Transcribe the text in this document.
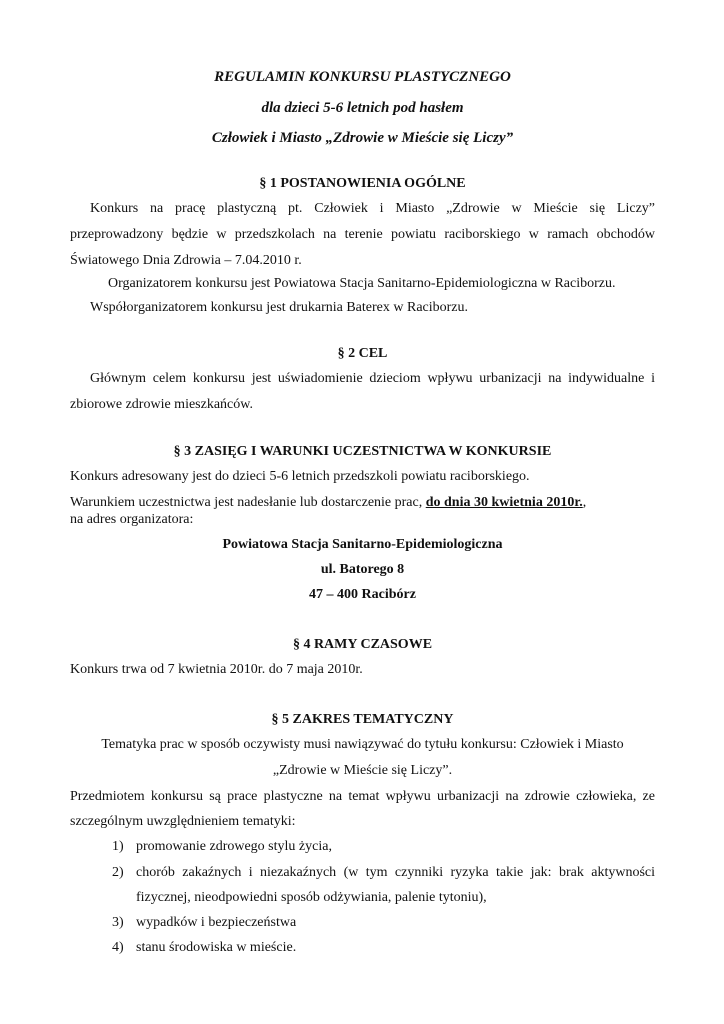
REGULAMIN KONKURSU PLASTYCZNEGO
dla dzieci 5-6 letnich pod hasłem
Człowiek i Miasto „Zdrowie w Mieście się Liczy”
§ 1 POSTANOWIENIA OGÓLNE
Konkurs na pracę plastyczną pt. Człowiek i Miasto „Zdrowie w Mieście się Liczy”
przeprowadzony będzie w przedszkolach na terenie powiatu raciborskiego w ramach obchodów
Światowego Dnia Zdrowia – 7.04.2010 r.
Organizatorem konkursu jest Powiatowa Stacja Sanitarno-Epidemiologiczna w Raciborzu.
Współorganizatorem konkursu jest drukarnia Baterex w Raciborzu.
§ 2 CEL
Głównym celem konkursu jest uświadomienie dzieciom wpływu urbanizacji na indywidualne i
zbiorowe zdrowie mieszkańców.
§ 3 ZASIĘG I WARUNKI UCZESTNICTWA W KONKURSIE
Konkurs adresowany jest do dzieci 5-6 letnich przedszkoli powiatu raciborskiego.
Warunkiem uczestnictwa jest nadesłanie lub dostarczenie prac, do dnia 30 kwietnia 2010r.,
na adres organizatora:
Powiatowa Stacja Sanitarno-Epidemiologiczna
ul. Batorego 8
47 – 400 Racibórz
§ 4 RAMY CZASOWE
Konkurs trwa od 7 kwietnia 2010r. do 7 maja 2010r.
§ 5 ZAKRES TEMATYCZNY
Tematyka prac w sposób oczywisty musi nawiązywać do tytułu konkursu: Człowiek i Miasto
„Zdrowie w Mieście się Liczy”.
Przedmiotem konkursu są prace plastyczne na temat wpływu urbanizacji na zdrowie człowieka, ze
szczególnym uwzględnieniem tematyki:
1) promowanie zdrowego stylu życia,
2) chorób zakaźnych i niezakaźnych (w tym czynniki ryzyka takie jak: brak aktywności
fizycznej, nieodpowiedni sposób odżywiania, palenie tytoniu),
3) wypadków i bezpieczeństwa
4) stanu środowiska w mieście.
